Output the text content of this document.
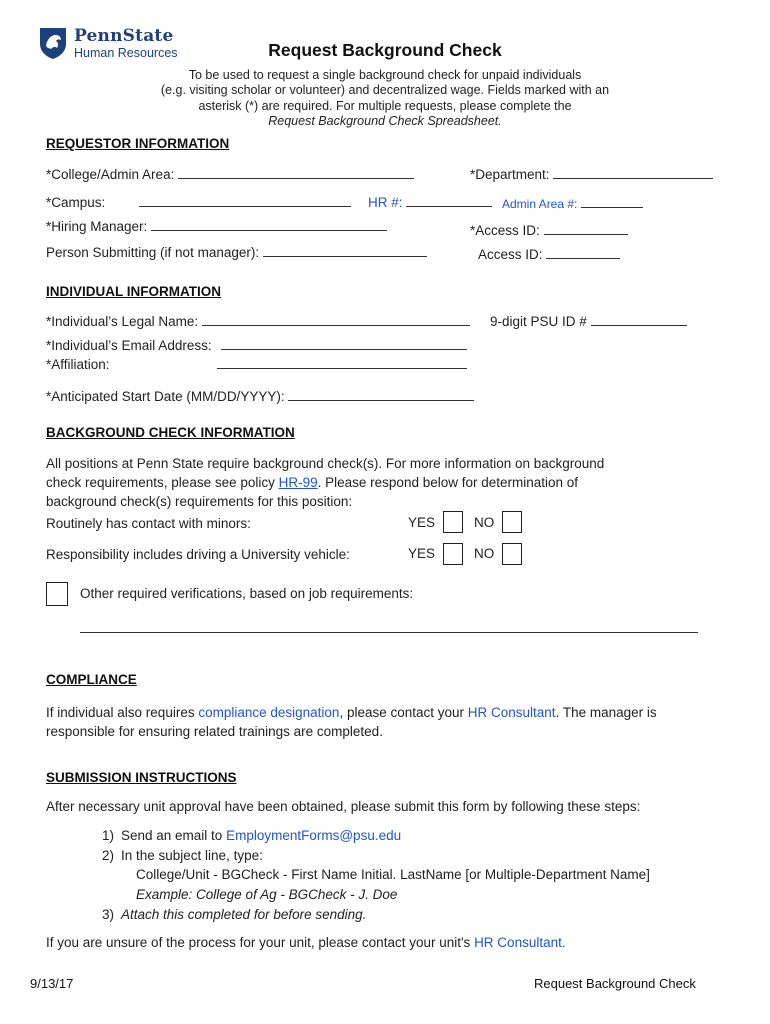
PennState
Human Resources	Request Background Check
To be used to request a single background check for unpaid individuals
(e.g. visiting scholar or volunteer) and decentralized wage. Fields marked with an
asterisk (*) are required. For multiple requests, please complete the
Request Background Check Spreadsheet.
REQUESTOR INFORMATION
*College/Admin Area:	*Department:
*Campus:	HR #:	Admin Area #:
*Hiring Manager:	*Access ID:
Person Submitting (if not manager):	Access ID:
INDIVIDUAL INFORMATION
*Individual’s Legal Name:	9-digit PSU ID #
*Individual’s Email Address:
*Affiliation:
*Anticipated Start Date (MM/DD/YYYY):
BACKGROUND CHECK INFORMATION
All positions at Penn State require background check(s). For more information on background
check requirements, please see policy HR-99. Please respond below for determination of
background check(s) requirements for this position:
Routinely has contact with minors:	YES	NO
Responsibility includes driving a University vehicle:	YES	NO
Other required verifications, based on job requirements:
COMPLIANCE
If individual also requires compliance designation, please contact your HR Consultant. The manager is
responsible for ensuring related trainings are completed.
SUBMISSION INSTRUCTIONS
After necessary unit approval have been obtained, please submit this form by following these steps:
1) Send an email to EmploymentForms@psu.edu
2) In the subject line, type:
College/Unit - BGCheck - First Name Initial. LastName [or Multiple-Department Name]
Example: College of Ag - BGCheck - J. Doe
3) Attach this completed for before sending.
If you are unsure of the process for your unit, please contact your unit's HR Consultant.
9/13/17	Request Background Check
